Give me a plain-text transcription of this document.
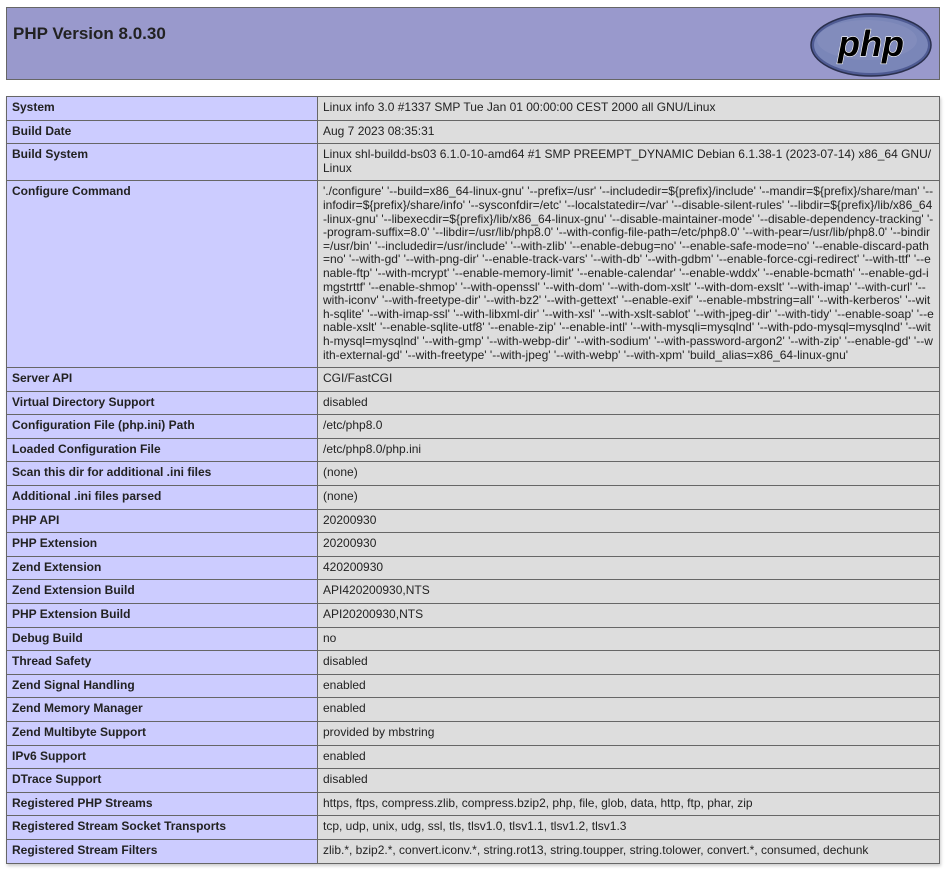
PHP Version 8.0.30	php
System	Linux info 3.0 #1337 SMP Tue Jan 01 00:00:00 CEST 2000 all GNU/Linux
Build Date	Aug 7 2023 08:35:31
Build System	Linux shl-buildd-bs03 6.1.0-10-amd64 #1 SMP PREEMPT_DYNAMIC Debian 6.1.38-1 (2023-07-14) x86_64 GNU/Linux
Configure Command	'./configure' '--build=x86_64-linux-gnu' '--prefix=/usr' '--includedir=${prefix}/include' '--mandir=${prefix}/share/man' '--infodir=${prefix}/share/info' '--sysconfdir=/etc' '--localstatedir=/var' '--disable-silent-rules' '--libdir=${prefix}/lib/x86_64-linux-gnu' '--libexecdir=${prefix}/lib/x86_64-linux-gnu' '--disable-maintainer-mode' '--disable-dependency-tracking' '--program-suffix=8.0' '--libdir=/usr/lib/php8.0' '--with-config-file-path=/etc/php8.0' '--with-pear=/usr/lib/php8.0' '--bindir=/usr/bin' '--includedir=/usr/include' '--with-zlib' '--enable-debug=no' '--enable-safe-mode=no' '--enable-discard-path=no' '--with-gd' '--with-png-dir' '--enable-track-vars' '--with-db' '--with-gdbm' '--enable-force-cgi-redirect' '--with-ttf' '--enable-ftp' '--with-mcrypt' '--enable-memory-limit' '--enable-calendar' '--enable-wddx' '--enable-bcmath' '--enable-gd-imgstrttf' '--enable-shmop' '--with-openssl' '--with-dom' '--with-dom-xslt' '--with-dom-exslt' '--with-imap' '--with-curl' '--with-iconv' '--with-freetype-dir' '--with-bz2' '--with-gettext' '--enable-exif' '--enable-mbstring=all' '--with-kerberos' '--with-sqlite' '--with-imap-ssl' '--with-libxml-dir' '--with-xsl' '--with-xslt-sablot' '--with-jpeg-dir' '--with-tidy' '--enable-soap' '--enable-xslt' '--enable-sqlite-utf8' '--enable-zip' '--enable-intl' '--with-mysqli=mysqlnd' '--with-pdo-mysql=mysqlnd' '--with-mysql=mysqlnd' '--with-gmp' '--with-webp-dir' '--with-sodium' '--with-password-argon2' '--with-zip' '--enable-gd' '--with-external-gd' '--with-freetype' '--with-jpeg' '--with-webp' '--with-xpm' 'build_alias=x86_64-linux-gnu'
Server API	CGI/FastCGI
Virtual Directory Support	disabled
Configuration File (php.ini) Path	/etc/php8.0
Loaded Configuration File	/etc/php8.0/php.ini
Scan this dir for additional .ini files	(none)
Additional .ini files parsed	(none)
PHP API	20200930
PHP Extension	20200930
Zend Extension	420200930
Zend Extension Build	API420200930,NTS
PHP Extension Build	API20200930,NTS
Debug Build	no
Thread Safety	disabled
Zend Signal Handling	enabled
Zend Memory Manager	enabled
Zend Multibyte Support	provided by mbstring
IPv6 Support	enabled
DTrace Support	disabled
Registered PHP Streams	https, ftps, compress.zlib, compress.bzip2, php, file, glob, data, http, ftp, phar, zip
Registered Stream Socket Transports	tcp, udp, unix, udg, ssl, tls, tlsv1.0, tlsv1.1, tlsv1.2, tlsv1.3
Registered Stream Filters	zlib.*, bzip2.*, convert.iconv.*, string.rot13, string.toupper, string.tolower, convert.*, consumed, dechunk
